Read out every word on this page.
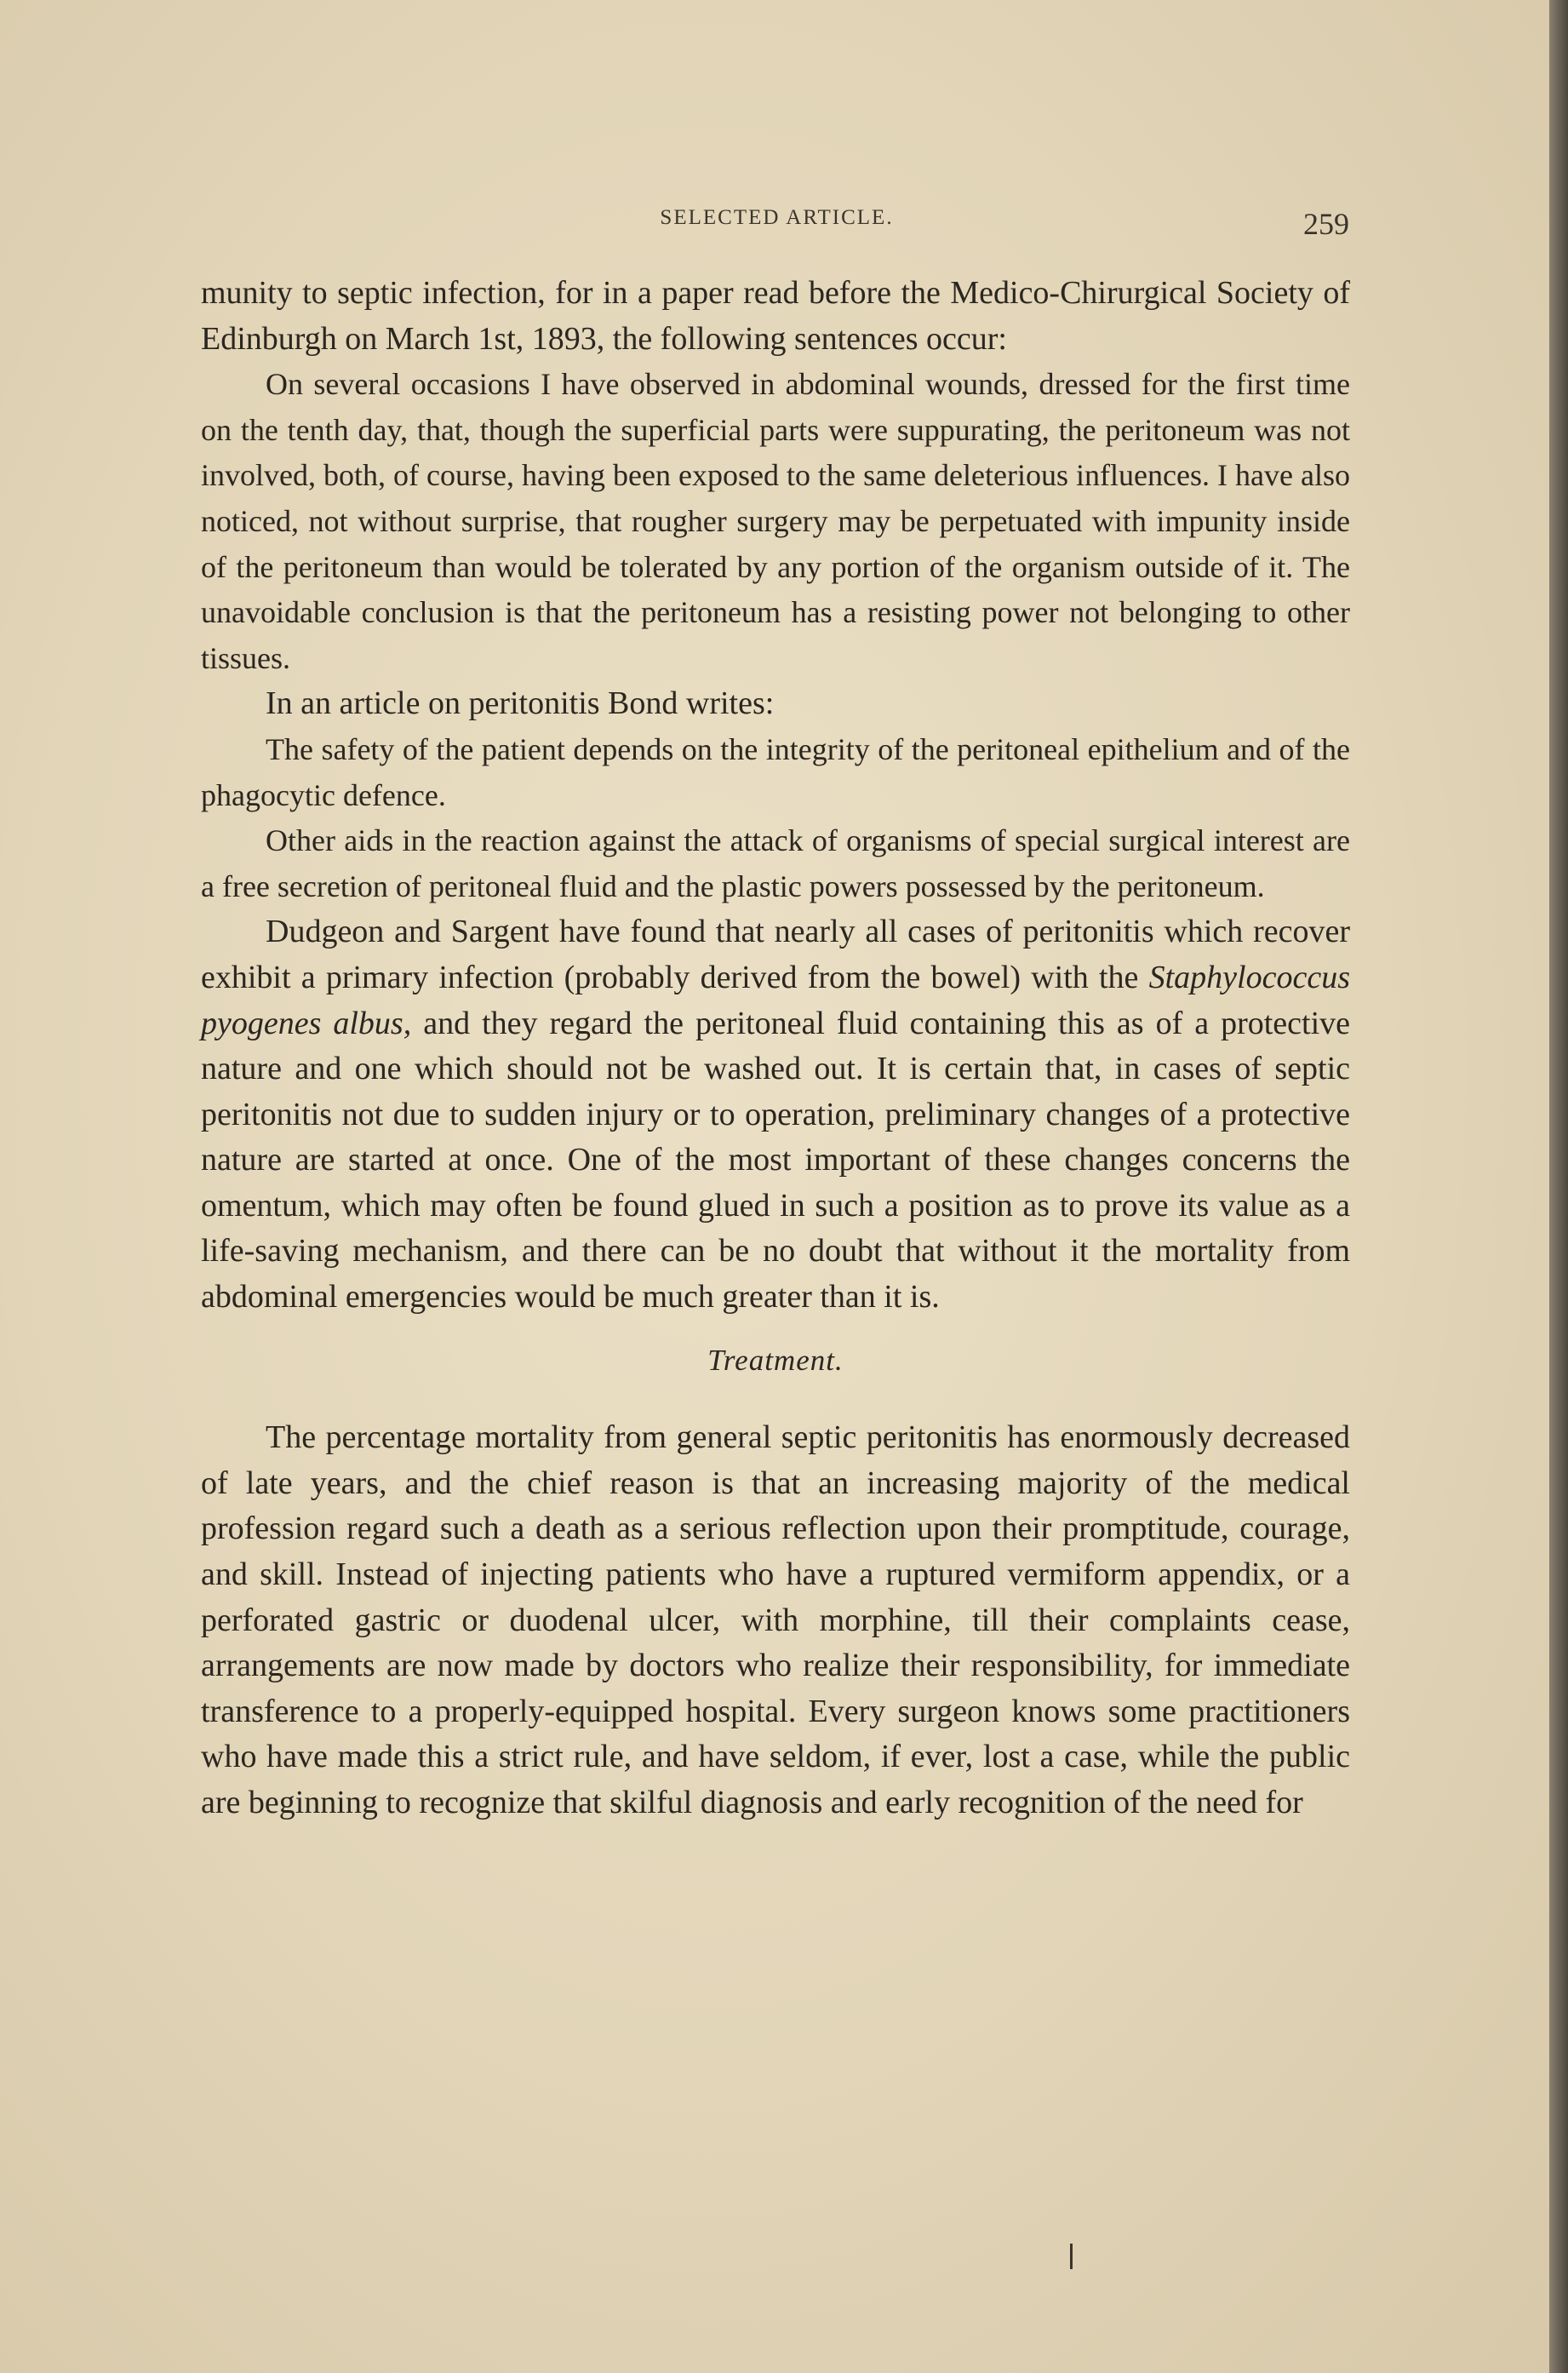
SELECTED ARTICLE.	259

munity to septic infection, for in a paper read before the Medico-Chirurgical Society of Edinburgh on March 1st, 1893, the following sentences occur:

On several occasions I have observed in abdominal wounds, dressed for the first time on the tenth day, that, though the superficial parts were suppurating, the peritoneum was not involved, both, of course, having been exposed to the same deleterious influences. I have also noticed, not without surprise, that rougher surgery may be perpetuated with impunity inside of the peritoneum than would be tolerated by any portion of the organism outside of it. The unavoidable conclusion is that the peritoneum has a resisting power not belonging to other tissues.

In an article on peritonitis Bond writes:

The safety of the patient depends on the integrity of the peritoneal epithelium and of the phagocytic defence.

Other aids in the reaction against the attack of organisms of special surgical interest are a free secretion of peritoneal fluid and the plastic powers possessed by the peritoneum.

Dudgeon and Sargent have found that nearly all cases of peritonitis which recover exhibit a primary infection (probably derived from the bowel) with the Staphylococcus pyogenes albus, and they regard the peritoneal fluid containing this as of a protective nature and one which should not be washed out. It is certain that, in cases of septic peritonitis not due to sudden injury or to operation, preliminary changes of a protective nature are started at once. One of the most important of these changes concerns the omentum, which may often be found glued in such a position as to prove its value as a life-saving mechanism, and there can be no doubt that without it the mortality from abdominal emergencies would be much greater than it is.

Treatment.

The percentage mortality from general septic peritonitis has enormously decreased of late years, and the chief reason is that an increasing majority of the medical profession regard such a death as a serious reflection upon their promptitude, courage, and skill. Instead of injecting patients who have a ruptured vermiform appendix, or a perforated gastric or duodenal ulcer, with morphine, till their complaints cease, arrangements are now made by doctors who realize their responsibility, for immediate transference to a properly-equipped hospital. Every surgeon knows some practitioners who have made this a strict rule, and have seldom, if ever, lost a case, while the public are beginning to recognize that skilful diagnosis and early recognition of the need for
